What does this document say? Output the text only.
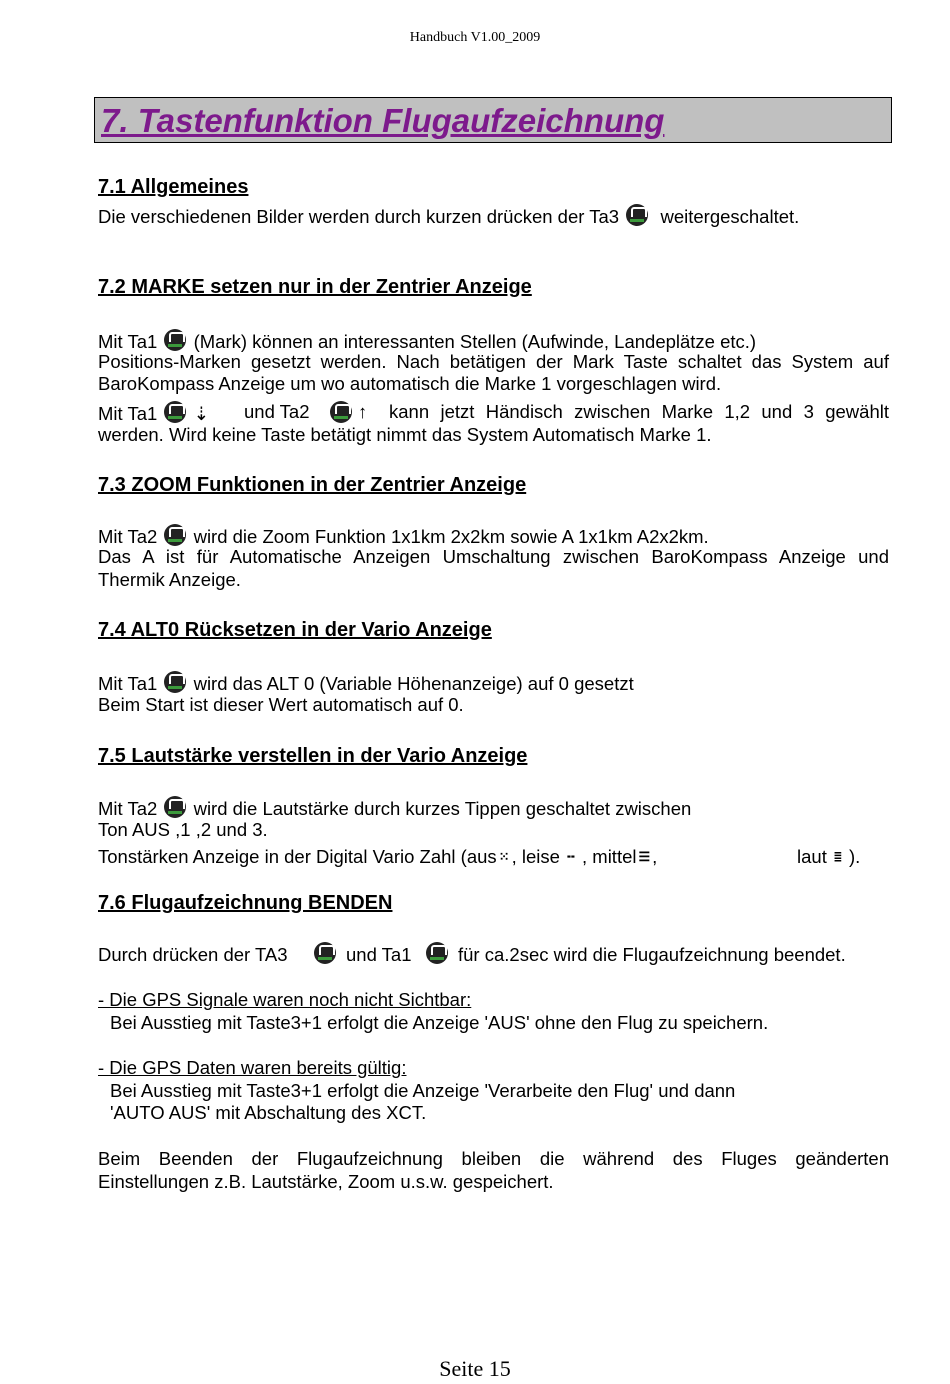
Handbuch V1.00_2009
7. Tastenfunktion Flugaufzeichnung
7.1 Allgemeines
Die verschiedenen Bilder werden durch kurzen drücken der Ta3 weitergeschaltet.
7.2 MARKE setzen nur in der Zentrier Anzeige
Mit Ta1 (Mark) können an interessanten Stellen (Aufwinde, Landeplätze etc.)
Positions-Marken gesetzt werden. Nach betätigen der Mark Taste schaltet das System auf
BaroKompass Anzeige um wo automatisch die Marke 1 vorgeschlagen wird.
Mit Ta1 ⇣ und Ta2	↑ kann jetzt Händisch zwischen Marke 1,2 und 3 gewählt
werden. Wird keine Taste betätigt nimmt das System Automatisch Marke 1.
7.3 ZOOM Funktionen in der Zentrier Anzeige
Mit Ta2 wird die Zoom Funktion 1x1km 2x2km sowie A 1x1km A2x2km.
Das A ist für Automatische Anzeigen Umschaltung zwischen BaroKompass Anzeige und
Thermik Anzeige.
7.4 ALT0 Rücksetzen in der Vario Anzeige
Mit Ta1 wird das ALT 0 (Variable Höhenanzeige) auf 0 gesetzt
Beim Start ist dieser Wert automatisch auf 0.
7.5 Lautstärke verstellen in der Vario Anzeige
Mit Ta2 wird die Lautstärke durch kurzes Tippen geschaltet zwischen
Ton AUS ,1 ,2 und 3.
Tonstärken Anzeige in der Digital Vario Zahl (aus ⁙ , leise ╍ , mittel ☰ ,	laut ≣ ).
7.6 Flugaufzeichnung BENDEN
Durch drücken der TA3	und Ta1	für ca.2sec wird die Flugaufzeichnung beendet.
- Die GPS Signale waren noch nicht Sichtbar:
Bei Ausstieg mit Taste3+1 erfolgt die Anzeige 'AUS' ohne den Flug zu speichern.
- Die GPS Daten waren bereits gültig:
Bei Ausstieg mit Taste3+1 erfolgt die Anzeige 'Verarbeite den Flug' und dann
'AUTO AUS' mit Abschaltung des XCT.
Beim Beenden der Flugaufzeichnung bleiben die während des Fluges geänderten
Einstellungen z.B. Lautstärke, Zoom u.s.w. gespeichert.
Seite 15
